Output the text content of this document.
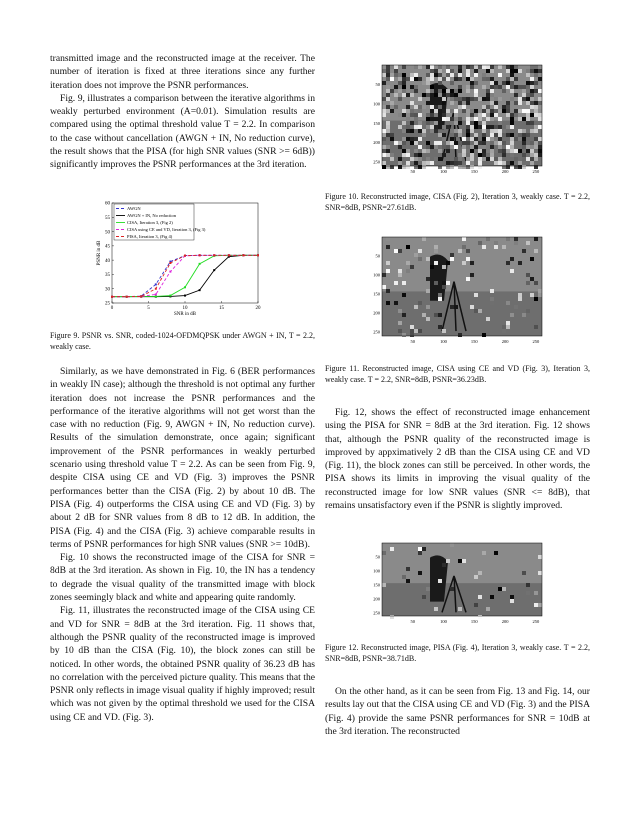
transmitted image and the reconstructed image at the receiver. The number of iteration is fixed at three iterations since any further iteration does not improve the PSNR performances.

Fig. 9, illustrates a comparison between the iterative algorithms in weakly perturbed environment (A=0.01). Simulation results are compared using the optimal threshold value T = 2.2. In comparison to the case without cancellation (AWGN + IN, No reduction curve), the result shows that the PISA (for high SNR values (SNR >= 6dB)) significantly improves the PSNR performances at the 3rd iteration.

0	5	10	15	20
25
30
35
40
45
50
55
60
SNR in dB
PSNR in dB
AWGN
AWGN + IN, No reduction
CISA, Iteration 3, (Fig 2)
CISA using CE and VD, Iteration 3, (Fig 3)
PISA, Iteration 3, (Fig 4)
Figure 9. PSNR vs. SNR, coded-1024-OFDMQPSK under AWGN + IN, T = 2.2, weakly case.

Similarly, as we have demonstrated in Fig. 6 (BER performances in weakly IN case); although the threshold is not optimal any further iteration does not increase the PSNR performances and the performance of the iterative algorithms will not get worst than the case with no reduction (Fig. 9, AWGN + IN, No reduction curve). Results of the simulation demonstrate, once again; significant improvement of the PSNR performances in weakly perturbed scenario using threshold value T = 2.2. As can be seen from Fig. 9, despite CISA using CE and VD (Fig. 3) improves the PSNR performances better than the CISA (Fig. 2) by about 10 dB. The PISA (Fig. 4) outperforms the CISA using CE and VD (Fig. 3) by about 2 dB for SNR values from 8 dB to 12 dB. In addition, the PISA (Fig. 4) and the CISA (Fig. 3) achieve comparable results in terms of PSNR performances for high SNR values (SNR >= 10dB).

Fig. 10 shows the reconstructed image of the CISA for SNR = 8dB at the 3rd iteration. As shown in Fig. 10, the IN has a tendency to degrade the visual quality of the transmitted image with block zones seemingly black and white and appearing quite randomly.

Fig. 11, illustrates the reconstructed image of the CISA using CE and VD for SNR = 8dB at the 3rd iteration. Fig. 11 shows that, although the PSNR quality of the reconstructed image is improved by 10 dB than the CISA (Fig. 10), the block zones can still be noticed. In other words, the obtained PSNR quality of 36.23 dB has no correlation with the perceived picture quality. This means that the PSNR only reflects in image visual quality if highly improved; result which was not given by the optimal threshold we used for the CISA using CE and VD. (Fig. 3).

50	100	150	200	250
50
100
150
200
250
Figure 10. Reconstructed image, CISA (Fig. 2), Iteration 3, weakly case. T = 2.2, SNR=8dB, PSNR=27.61dB.
50	100	150	200	250
50
100
150
200
250
Figure 11. Reconstructed image, CISA using CE and VD (Fig. 3), Iteration 3, weakly case. T = 2.2, SNR=8dB, PSNR=36.23dB.

Fig. 12, shows the effect of reconstructed image enhancement using the PISA for SNR = 8dB at the 3rd iteration. Fig. 12 shows that, although the PSNR quality of the reconstructed image is improved by appximatively 2 dB than the CISA using CE and VD (Fig. 11), the block zones can still be perceived. In other words, the PISA shows its limits in improving the visual quality of the reconstructed image for low SNR values (SNR <= 8dB), that remains unsatisfactory even if the PSNR is slightly improved.

50	100	150	200	250
50
100
150
200
250
Figure 12. Reconstructed image, PISA (Fig. 4), Iteration 3, weakly case. T = 2.2, SNR=8dB, PSNR=38.71dB.

On the other hand, as it can be seen from Fig. 13 and Fig. 14, our results lay out that the CISA using CE and VD (Fig. 3) and the PISA (Fig. 4) provide the same PSNR performances for SNR = 10dB at the 3rd iteration. The reconstructed
